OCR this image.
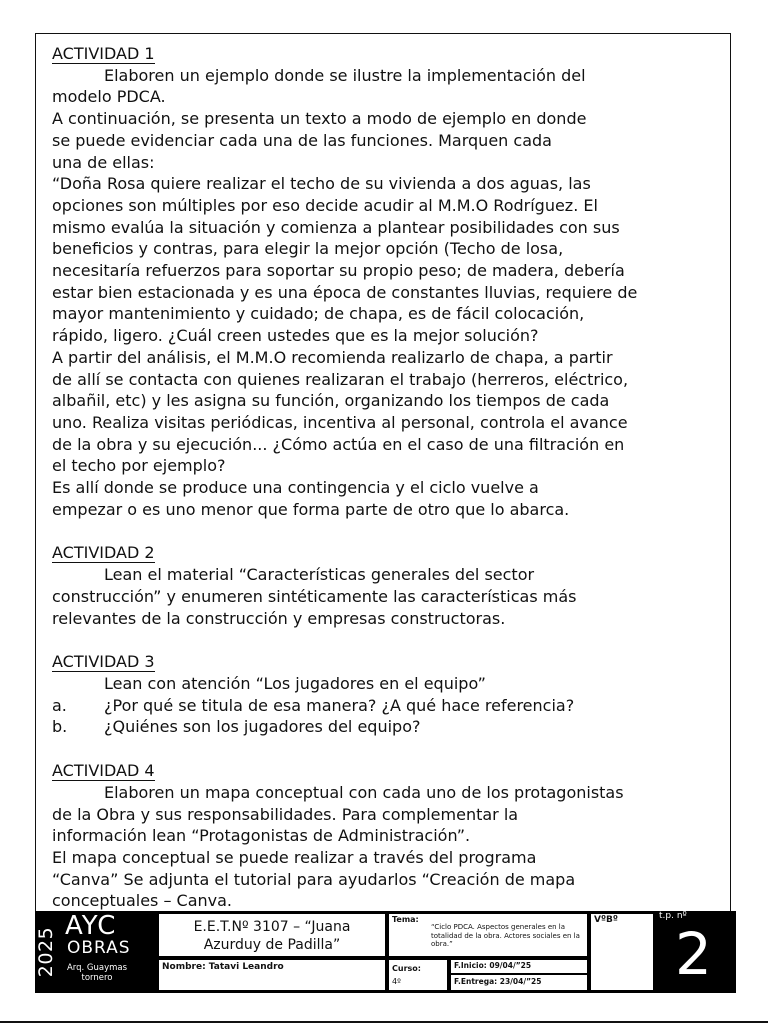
ACTIVIDAD 1

Elaboren un ejemplo donde se ilustre la implementación del

modelo PDCA.

A continuación, se presenta un texto a modo de ejemplo en donde

se puede evidenciar cada una de las funciones. Marquen cada

una de ellas:

“Doña Rosa quiere realizar el techo de su vivienda a dos aguas, las

opciones son múltiples por eso decide acudir al M.M.O Rodríguez. El

mismo evalúa la situación y comienza a plantear posibilidades con sus

beneficios y contras, para elegir la mejor opción (Techo de losa,

necesitaría refuerzos para soportar su propio peso; de madera, debería

estar bien estacionada y es una época de constantes lluvias, requiere de

mayor mantenimiento y cuidado; de chapa, es de fácil colocación,

rápido, ligero. ¿Cuál creen ustedes que es la mejor solución?

A partir del análisis, el M.M.O recomienda realizarlo de chapa, a partir

de allí se contacta con quienes realizaran el trabajo (herreros, eléctrico,

albañil, etc) y les asigna su función, organizando los tiempos de cada

uno. Realiza visitas periódicas, incentiva al personal, controla el avance

de la obra y su ejecución... ¿Cómo actúa en el caso de una filtración en

el techo por ejemplo?

Es allí donde se produce una contingencia y el ciclo vuelve a

empezar o es uno menor que forma parte de otro que lo abarca.

ACTIVIDAD 2

Lean el material “Características generales del sector

construcción” y enumeren sintéticamente las características más

relevantes de la construcción y empresas constructoras.

ACTIVIDAD 3

Lean con atención “Los jugadores en el equipo”

a.	¿Por qué se titula de esa manera? ¿A qué hace referencia?
b.	¿Quiénes son los jugadores del equipo?

ACTIVIDAD 4

Elaboren un mapa conceptual con cada uno de los protagonistas

de la Obra y sus responsabilidades. Para complementar la

información lean “Protagonistas de Administración”.

El mapa conceptual se puede realizar a través del programa

“Canva” Se adjunta el tutorial para ayudarlos “Creación de mapa

conceptuales – Canva.

2025
AYC
OBRAS
Arq. Guaymas tornero
E.E.T.Nº 3107 – “Juana
Azurduy de Padilla”
Nombre: Tatavi Leandro
Tema:
“Ciclo PDCA. Aspectos generales en la totalidad de la obra. Actores sociales en la obra.”
Curso:
4º
F.Inicio: 09/04/”25
F.Entrega: 23/04/”25
VºBº	t.p. nº
2
